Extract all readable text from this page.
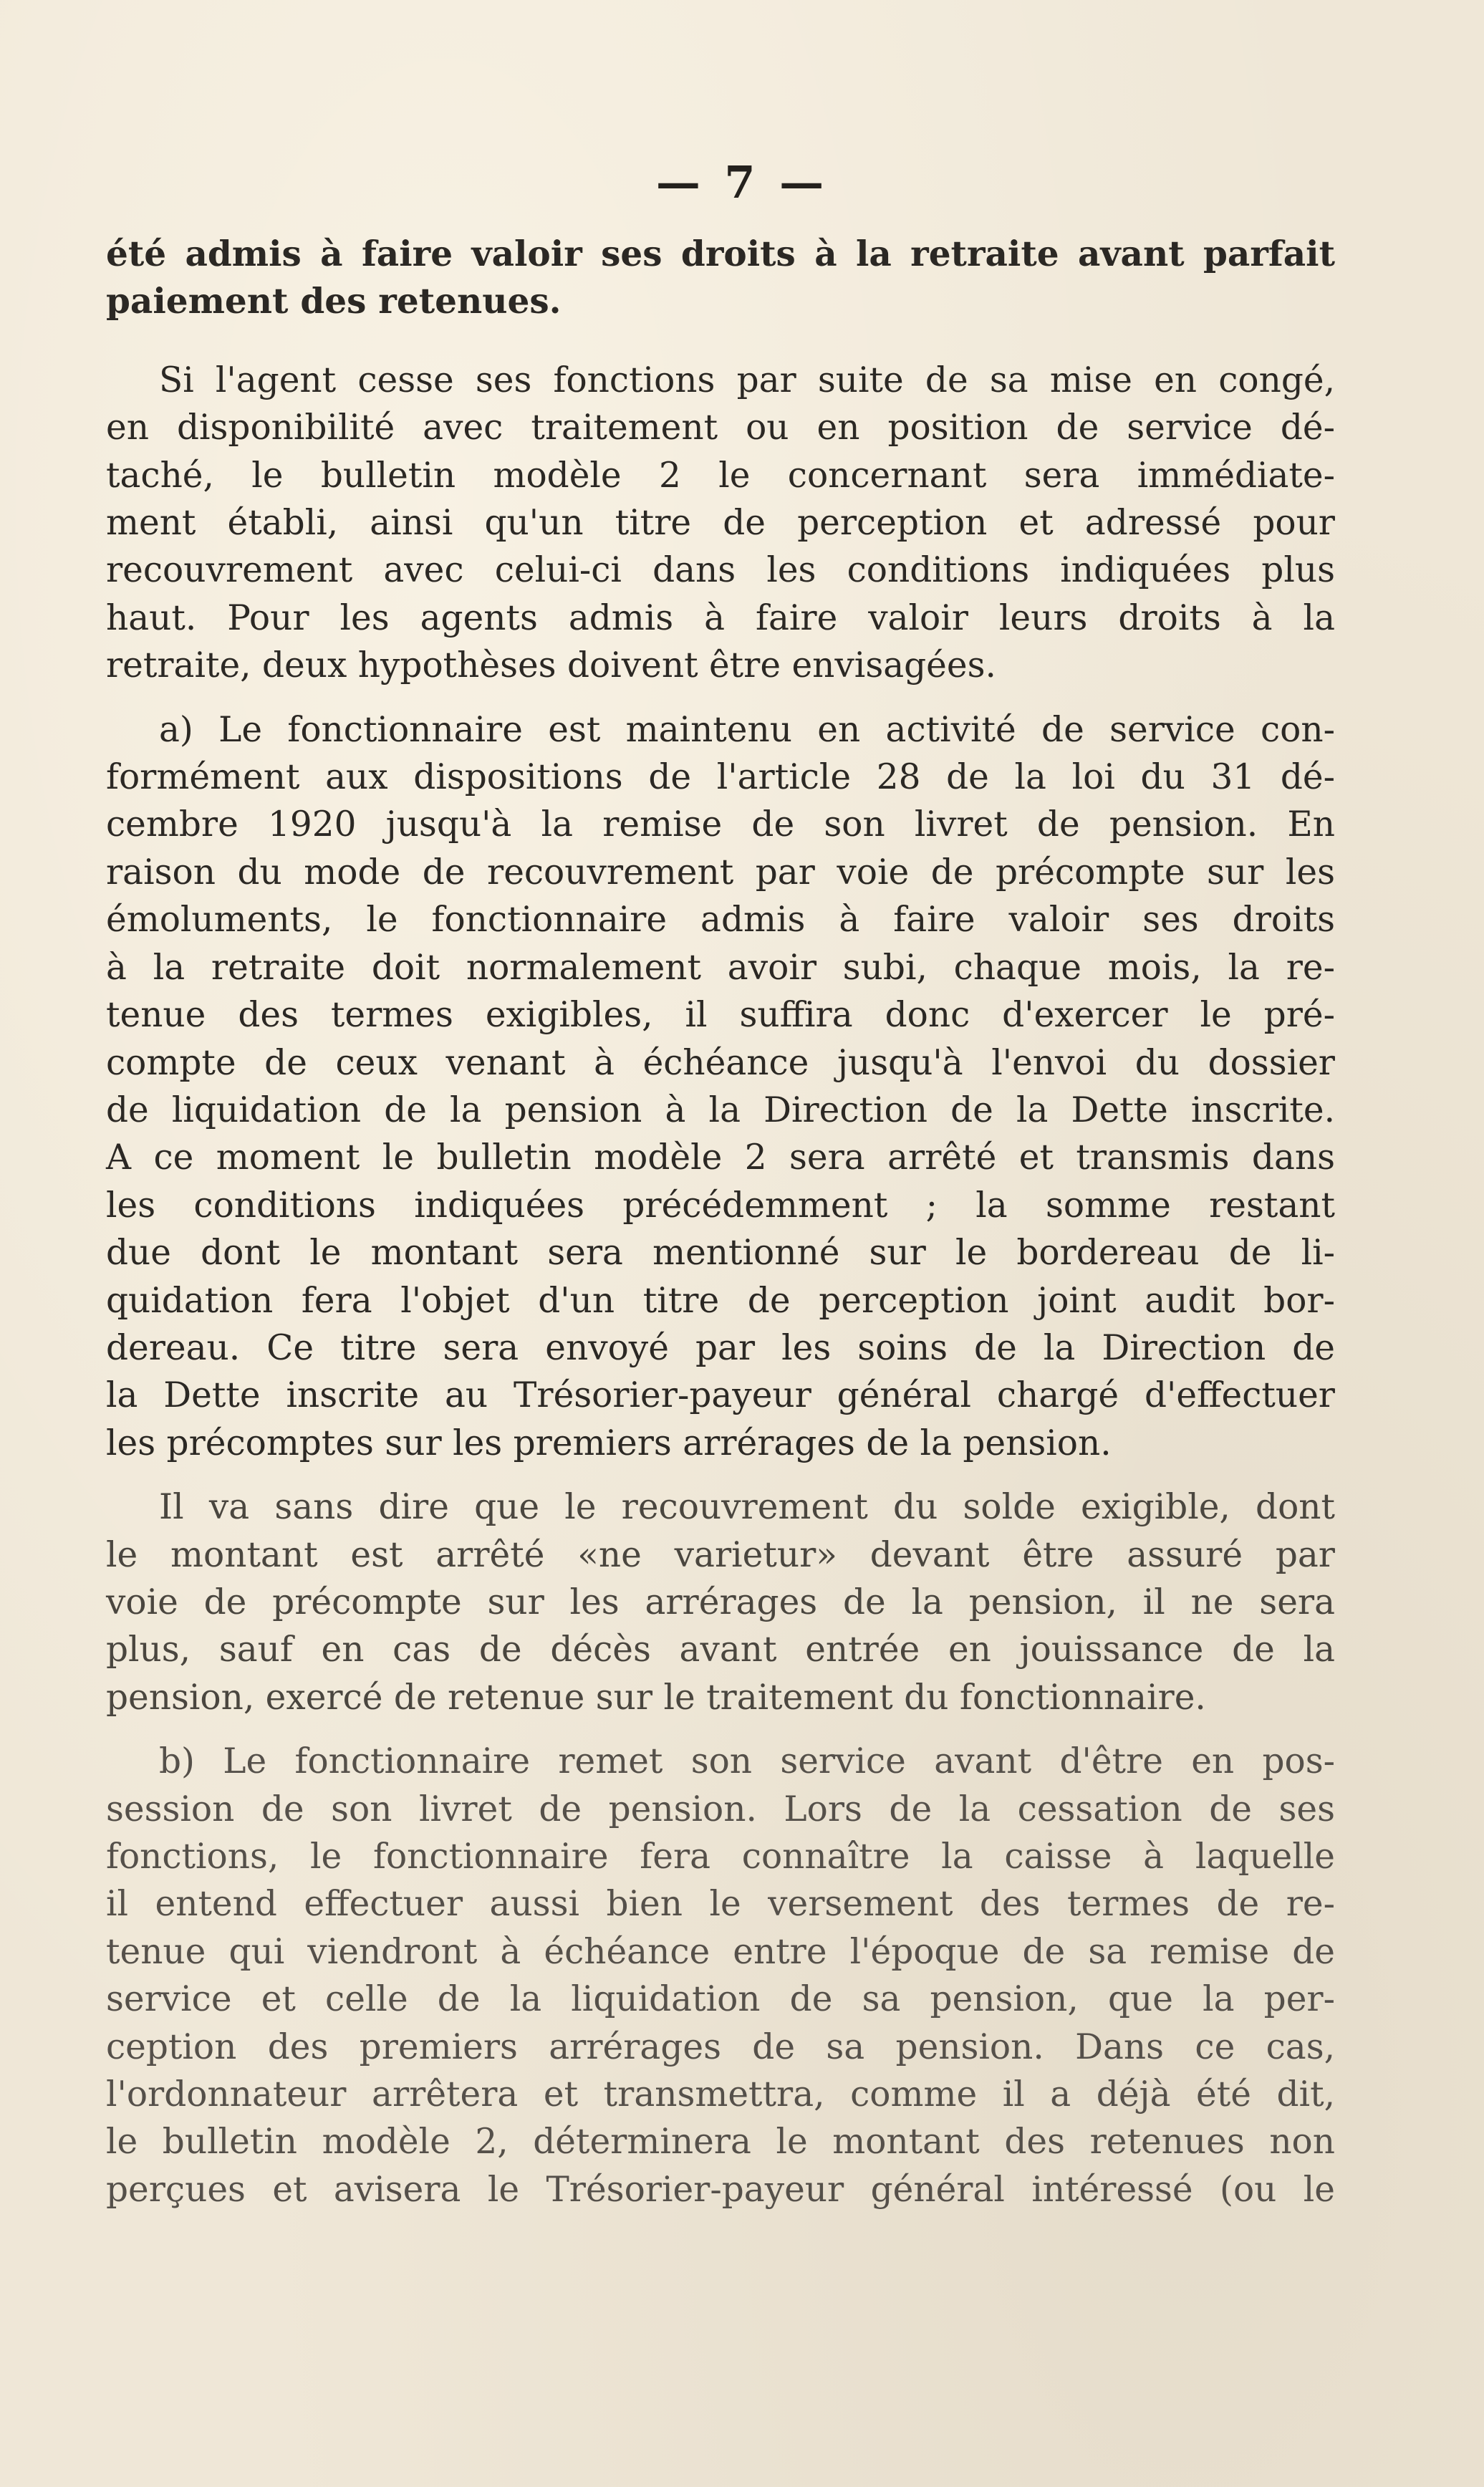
— 7 —
été admis à faire valoir ses droits à la retraite avant parfait
paiement des retenues.
Si l'agent cesse ses fonctions par suite de sa mise en congé,
en disponibilité avec traitement ou en position de service dé-
taché, le bulletin modèle 2 le concernant sera immédiate-
ment établi, ainsi qu'un titre de perception et adressé pour
recouvrement avec celui-ci dans les conditions indiquées plus
haut. Pour les agents admis à faire valoir leurs droits à la
retraite, deux hypothèses doivent être envisagées.
a) Le fonctionnaire est maintenu en activité de service con-
formément aux dispositions de l'article 28 de la loi du 31 dé-
cembre 1920 jusqu'à la remise de son livret de pension. En
raison du mode de recouvrement par voie de précompte sur les
émoluments, le fonctionnaire admis à faire valoir ses droits
à la retraite doit normalement avoir subi, chaque mois, la re-
tenue des termes exigibles, il suffira donc d'exercer le pré-
compte de ceux venant à échéance jusqu'à l'envoi du dossier
de liquidation de la pension à la Direction de la Dette inscrite.
A ce moment le bulletin modèle 2 sera arrêté et transmis dans
les conditions indiquées précédemment ; la somme restant
due dont le montant sera mentionné sur le bordereau de li-
quidation fera l'objet d'un titre de perception joint audit bor-
dereau. Ce titre sera envoyé par les soins de la Direction de
la Dette inscrite au Trésorier-payeur général chargé d'effectuer
les précomptes sur les premiers arrérages de la pension.
Il va sans dire que le recouvrement du solde exigible, dont
le montant est arrêté «ne varietur» devant être assuré par
voie de précompte sur les arrérages de la pension, il ne sera
plus, sauf en cas de décès avant entrée en jouissance de la
pension, exercé de retenue sur le traitement du fonctionnaire.
b) Le fonctionnaire remet son service avant d'être en pos-
session de son livret de pension. Lors de la cessation de ses
fonctions, le fonctionnaire fera connaître la caisse à laquelle
il entend effectuer aussi bien le versement des termes de re-
tenue qui viendront à échéance entre l'époque de sa remise de
service et celle de la liquidation de sa pension, que la per-
ception des premiers arrérages de sa pension. Dans ce cas,
l'ordonnateur arrêtera et transmettra, comme il a déjà été dit,
le bulletin modèle 2, déterminera le montant des retenues non
perçues et avisera le Trésorier-payeur général intéressé (ou le
